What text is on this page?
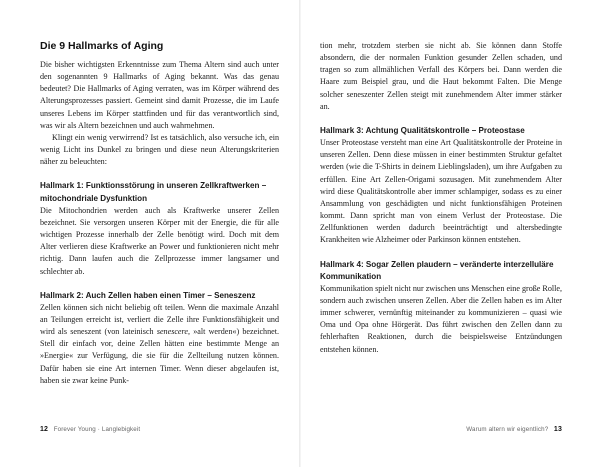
Die 9 Hallmarks of Aging

Die bisher wichtigsten Erkenntnisse zum Thema Altern sind auch unter den sogenannten 9 Hallmarks of Aging bekannt. Was das genau bedeutet? Die Hallmarks of Aging verraten, was im Körper während des Alterungsprozesses passiert. Gemeint sind damit Prozesse, die im Laufe unseres Lebens im Körper stattfinden und für das verantwortlich sind, was wir als Altern bezeichnen und auch wahrnehmen.

Klingt ein wenig verwirrend? Ist es tatsächlich, also versuche ich, ein wenig Licht ins Dunkel zu bringen und diese neun Alterungskriterien näher zu beleuchten:

Hallmark 1: Funktionsstörung in unseren Zellkraftwerken – mitochondriale Dysfunktion

Die Mitochondrien werden auch als Kraftwerke unserer Zellen bezeichnet. Sie versorgen unseren Körper mit der Energie, die für alle wichtigen Prozesse innerhalb der Zelle benötigt wird. Doch mit dem Alter verlieren diese Kraftwerke an Power und funktionieren nicht mehr richtig. Dann laufen auch die Zellprozesse immer langsamer und schlechter ab.

Hallmark 2: Auch Zellen haben einen Timer – Seneszenz

Zellen können sich nicht beliebig oft teilen. Wenn die maximale Anzahl an Teilungen erreicht ist, verliert die Zelle ihre Funktionsfähigkeit und wird als seneszent (von lateinisch senescere, »alt werden«) bezeichnet. Stell dir einfach vor, deine Zellen hätten eine bestimmte Menge an »Energie« zur Verfügung, die sie für die Zellteilung nutzen können. Dafür haben sie eine Art internen Timer. Wenn dieser abgelaufen ist, haben sie zwar keine Punk-

12 Forever Young · Langlebigkeit

tion mehr, trotzdem sterben sie nicht ab. Sie können dann Stoffe absondern, die der normalen Funktion gesunder Zellen schaden, und tragen so zum allmählichen Verfall des Körpers bei. Dann werden die Haare zum Beispiel grau, und die Haut bekommt Falten. Die Menge solcher seneszenter Zellen steigt mit zunehmendem Alter immer stärker an.

Hallmark 3: Achtung Qualitätskontrolle – Proteostase

Unser Proteostase versteht man eine Art Qualitätskontrolle der Proteine in unseren Zellen. Denn diese müssen in einer bestimmten Struktur gefaltet werden (wie die T-Shirts in deinem Lieblingsladen), um ihre Aufgaben zu erfüllen. Eine Art Zellen-Origami sozusagen. Mit zunehmendem Alter wird diese Qualitätskontrolle aber immer schlampiger, sodass es zu einer Ansammlung von geschädigten und nicht funktionsfähigen Proteinen kommt. Dann spricht man von einem Verlust der Proteostase. Die Zellfunktionen werden dadurch beeinträchtigt und altersbedingte Krankheiten wie Alzheimer oder Parkinson können entstehen.

Hallmark 4: Sogar Zellen plaudern – veränderte interzelluläre Kommunikation

Kommunikation spielt nicht nur zwischen uns Menschen eine große Rolle, sondern auch zwischen unseren Zellen. Aber die Zellen haben es im Alter immer schwerer, vernünftig miteinander zu kommunizieren – quasi wie Oma und Opa ohne Hörgerät. Das führt zwischen den Zellen dann zu fehlerhaften Reaktionen, durch die beispielsweise Entzündungen entstehen können.

Warum altern wir eigentlich? 13
